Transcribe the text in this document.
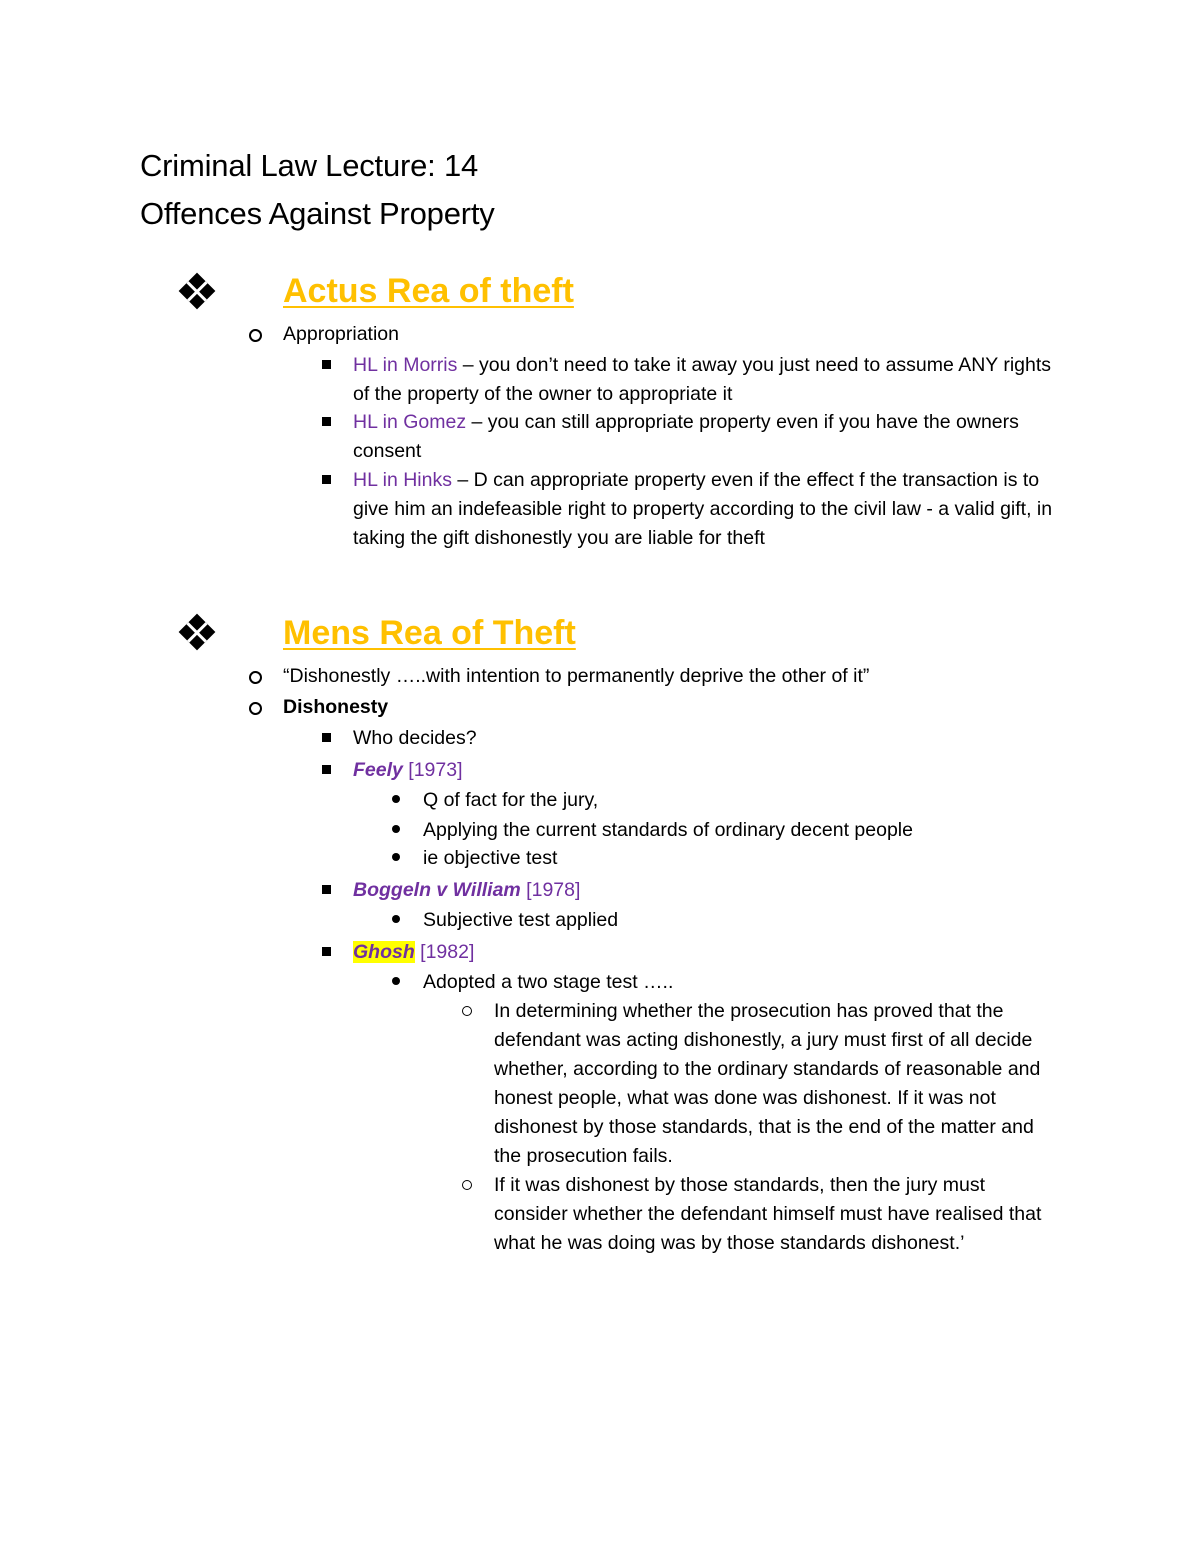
Criminal Law Lecture: 14
Offences Against Property
Actus Rea of theft

Appropriation

HL in Morris – you don’t need to take it away you just need to assume ANY rights of the property of the owner to appropriate it

HL in Gomez – you can still appropriate property even if you have the owners consent

HL in Hinks – D can appropriate property even if the effect f the transaction is to give him an indefeasible right to property according to the civil law - a valid gift, in taking the gift dishonestly you are liable for theft

Mens Rea of Theft

“Dishonestly …..with intention to permanently deprive the other of it”

Dishonesty

Who decides?

Feely [1973]

Q of fact for the jury,

Applying the current standards of ordinary decent people

ie objective test

Boggeln v William [1978]

Subjective test applied

Ghosh [1982]

Adopted a two stage test …..

In determining whether the prosecution has proved that the defendant was acting dishonestly, a jury must first of all decide whether, according to the ordinary standards of reasonable and honest people, what was done was dishonest. If it was not dishonest by those standards, that is the end of the matter and the prosecution fails.

If it was dishonest by those standards, then the jury must consider whether the defendant himself must have realised that what he was doing was by those standards dishonest.’
